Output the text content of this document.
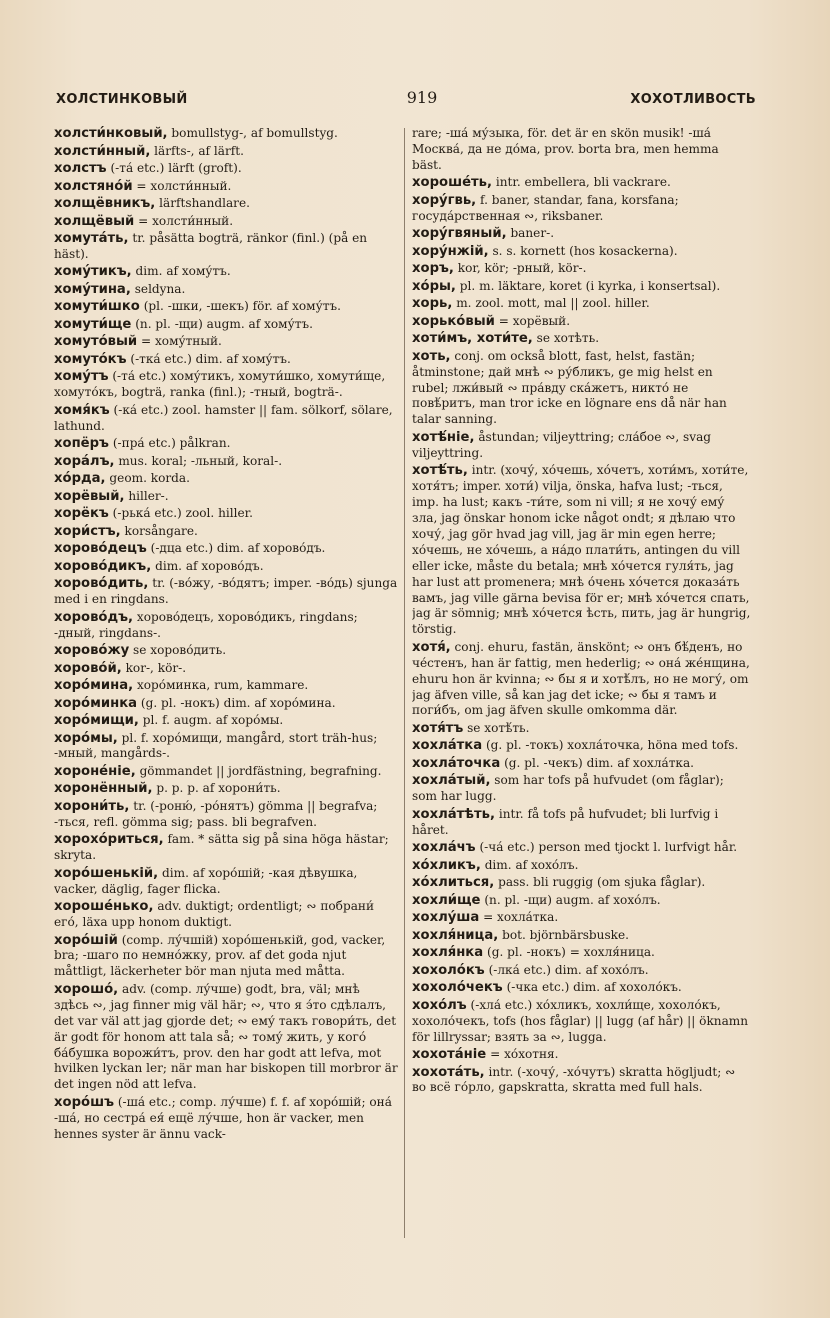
ХОЛСТИНКОВЫЙ	919	ХОХОТЛИВОСТЬ
холсти́нковый, bomullstyg-, af bomullstyg.
холсти́нный, lärfts-, af lärft.
холстъ (-та́ etc.) lärft (groft).
холстяно́й = холсти́нный.
холщёвникъ, lärftshandlare.
холщёвый = холсти́нный.
хомута́ть, tr. påsätta bogträ, ränkor (finl.) (på en häst).
хому́тикъ, dim. af хому́тъ.
хому́тина, seldyna.
хомути́шко (pl. -шки, -шекъ) för. af хому́тъ.
хомути́ще (n. pl. -щи) augm. af хому́тъ.
хомуто́вый = хому́тный.
хомуто́къ (-тка́ etc.) dim. af хому́тъ.
хому́тъ (-та́ etc.) хому́тикъ, хомути́шко, хомути́ще, хомуто́къ, bogträ, ranka (finl.); -тный, bogträ-.
хомя́къ (-ка́ etc.) zool. hamster || fam. sölkorf, sölare, lathund.
хопёръ (-пра́ etc.) pålkran.
хора́лъ, mus. koral; -льный, koral-.
хо́рда, geom. korda.
хорёвый, hiller-.
хорёкъ (-рька́ etc.) zool. hiller.
хори́стъ, korsångare.
хорово́децъ (-дца etc.) dim. af хорово́дъ.
хорово́дикъ, dim. af хорово́дъ.
хорово́дить, tr. (-во́жу, -во́дятъ; imper. -во́дь) sjunga med i en ringdans.
хорово́дъ, хорово́децъ, хорово́дикъ, ringdans; -дный, ringdans-.
хорово́жу se хорово́дить.
хорово́й, kor-, kör-.
хоро́мина, хоро́минка, rum, kammare.
хоро́минка (g. pl. -нокъ) dim. af хоро́мина.
хоро́мищи, pl. f. augm. af хоро́мы.
хоро́мы, pl. f. хоро́мищи, mangård, stort träh-hus; -мный, mangårds-.
хороне́ніе, gömmandet || jordfästning, begrafning.
хоронённый, p. p. p. af хорони́ть.
хорони́ть, tr. (-роню́, -ро́нятъ) gömma || begrafva; -ться, refl. gömma sig; pass. bli begrafven.
хорохо́риться, fam. * sätta sig på sina höga hästar; skryta.
хоро́шенькій, dim. af хоро́шій; -кая дѣвушка, vacker, däglig, fager flicka.
хороше́нько, adv. duktigt; ordentligt; ∾ побрани́ его́, läxa upp honom duktigt.
хоро́шій (comp. лу́чшій) хоро́шенькій, god, vacker, bra; -шаго по немно́жку, prov. af det goda njut måttligt, läckerheter bör man njuta med måtta.
хорошо́, adv. (comp. лу́чше) godt, bra, väl; мнѣ здѣсь ∾, jag finner mig väl här; ∾, что я э́то сдѣлалъ, det var väl att jag gjorde det; ∾ ему́ такъ говори́ть, det är godt för honom att tala så; ∾ тому́ жить, у кого́ ба́бушка ворожи́тъ, prov. den har godt att lefva, mot hvilken lyckan ler; när man har biskopen till morbror är det ingen nöd att lefva.
хоро́шъ (-ша́ etc.; comp. лу́чше) f. f. af хоро́шій; она́ -ша́, но сестра́ ея́ ещё лу́чше, hon är vacker, men hennes syster är ännu vack-
rare; -ша́ му́зыка, för. det är en skön musik! -ша́ Москва́, да не до́ма, prov. borta bra, men hemma bäst.
хороше́ть, intr. embellera, bli vackrare.
хору́гвь, f. baner, standar, fana, korsfana; госуда́рственная ∾, riksbaner.
хору́гвяный, baner-.
хору́нжій, s. s. kornett (hos kosackerna).
хоръ, kor, kör; -рный, kör-.
хо́ры, pl. m. läktare, koret (i kyrka, i konsertsal).
хорь, m. zool. mott, mal || zool. hiller.
хорько́вый = хорёвый.
хоти́мъ, хоти́те, se хотѣть.
хоть, conj. om också blott, fast, helst, fastän; åtminstone; дай мнѣ ∾ ру́бликъ, ge mig helst en rubel; лжи́вый ∾ пра́вду ска́жетъ, никто́ не повѣ́ритъ, man tror icke en lögnare ens då när han talar sanning.
хотѣ́ніе, åstundan; viljeyttring; сла́бое ∾, svag viljeyttring.
хотѣ́ть, intr. (хочу́, хо́чешь, хо́четъ, хоти́мъ, хоти́те, хотя́тъ; imper. хоти́) vilja, önska, hafva lust; -ться, imp. ha lust; какъ -ти́те, som ni vill; я не хочу́ ему́ зла, jag önskar honom icke något ondt; я дѣлаю что хочу́, jag gör hvad jag vill, jag är min egen herre; хо́чешь, не хо́чешь, а на́до плати́ть, antingen du vill eller icke, måste du betala; мнѣ хо́чется гуля́ть, jag har lust att promenera; мнѣ о́чень хо́чется доказа́ть вамъ, jag ville gärna bevisa för er; мнѣ хо́чется спать, jag är sömnig; мнѣ хо́чется ѣсть, пить, jag är hungrig, törstig.
хотя́, conj. ehuru, fastän, änskönt; ∾ онъ бѣ́денъ, но че́стенъ, han är fattig, men hederlig; ∾ она́ же́нщина, ehuru hon är kvinna; ∾ бы я и хотѣ́лъ, но не могу́, om jag äfven ville, så kan jag det icke; ∾ бы я тамъ и поги́бъ, om jag äfven skulle omkomma där.
хотя́тъ se хотѣ́ть.
хохла́тка (g. pl. -токъ) хохла́точка, höna med tofs.
хохла́точка (g. pl. -чекъ) dim. af хохла́тка.
хохла́тый, som har tofs på hufvudet (om fåglar); som har lugg.
хохла́тѣть, intr. få tofs på hufvudet; bli lurfvig i håret.
хохла́чъ (-ча́ etc.) person med tjockt l. lurfvigt hår.
хо́хликъ, dim. af хохо́лъ.
хо́хлиться, pass. bli ruggig (om sjuka fåglar).
хохли́ще (n. pl. -щи) augm. af хохо́лъ.
хохлу́ша = хохла́тка.
хохля́ница, bot. björnbärsbuske.
хохля́нка (g. pl. -нокъ) = хохля́ница.
хохоло́къ (-лка́ etc.) dim. af хохо́лъ.
хохоло́чекъ (-чка etc.) dim. af хохоло́къ.
хохо́лъ (-хла́ etc.) хо́хликъ, хохли́ще, хохоло́къ, хохоло́чекъ, tofs (hos fåglar) || lugg (af hår) || öknamn för lillryssar; взять за ∾, lugga.
хохота́ніе = хо́хотня.
хохота́ть, intr. (-хочу́, -хо́чутъ) skratta högljudt; ∾ во всё го́рло, gapskratta, skratta med full hals.
